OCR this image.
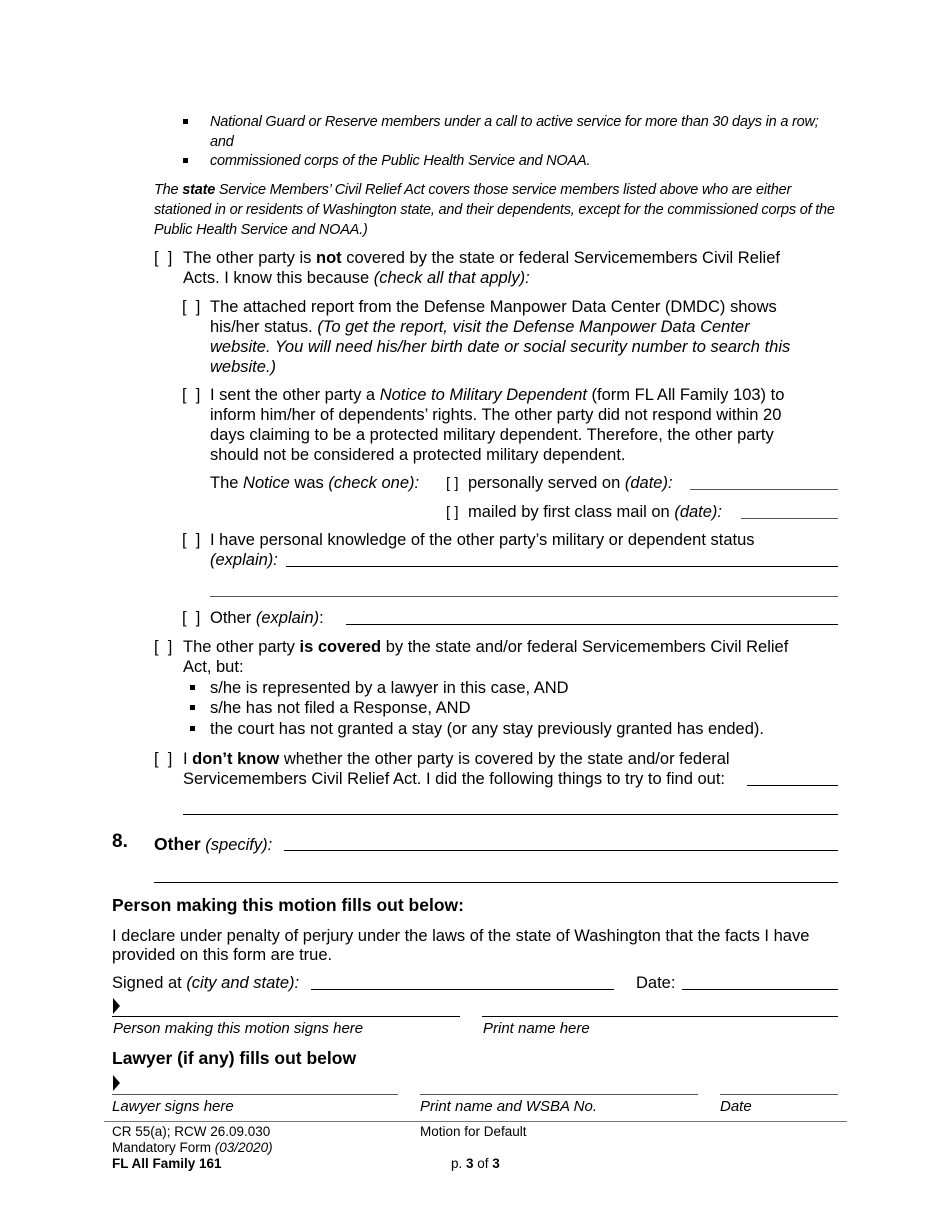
National Guard or Reserve members under a call to active service for more than 30 days in a row;
and
commissioned corps of the Public Health Service and NOAA.
The state Service Members’ Civil Relief Act covers those service members listed above who are either
stationed in or residents of Washington state, and their dependents, except for the commissioned corps of the
Public Health Service and NOAA.)
[  ] The other party is not covered by the state or federal Servicemembers Civil Relief
Acts. I know this because (check all that apply):
[  ] The attached report from the Defense Manpower Data Center (DMDC) shows
his/her status. (To get the report, visit the Defense Manpower Data Center
website. You will need his/her birth date or social security number to search this
website.)
[  ] I sent the other party a Notice to Military Dependent (form FL All Family 103) to
inform him/her of dependents’ rights. The other party did not respond within 20
days claiming to be a protected military dependent. Therefore, the other party
should not be considered a protected military dependent.
The Notice was (check one): [ ] personally served on (date):
[ ] mailed by first class mail on (date):
[  ] I have personal knowledge of the other party’s military or dependent status
(explain):
[  ] Other (explain):
[  ] The other party is covered by the state and/or federal Servicemembers Civil Relief
Act, but:
s/he is represented by a lawyer in this case, AND
s/he has not filed a Response, AND
the court has not granted a stay (or any stay previously granted has ended).
[  ] I don’t know whether the other party is covered by the state and/or federal
Servicemembers Civil Relief Act. I did the following things to try to find out:
8. Other (specify):
Person making this motion fills out below:
I declare under penalty of perjury under the laws of the state of Washington that the facts I have
provided on this form are true.
Signed at (city and state):	Date:
Person making this motion signs here	Print name here
Lawyer (if any) fills out below
Lawyer signs here	Print name and WSBA No.	Date
CR 55(a); RCW 26.09.030
Mandatory Form (03/2020)
FL All Family 161
Motion for Default
p. 3 of 3
